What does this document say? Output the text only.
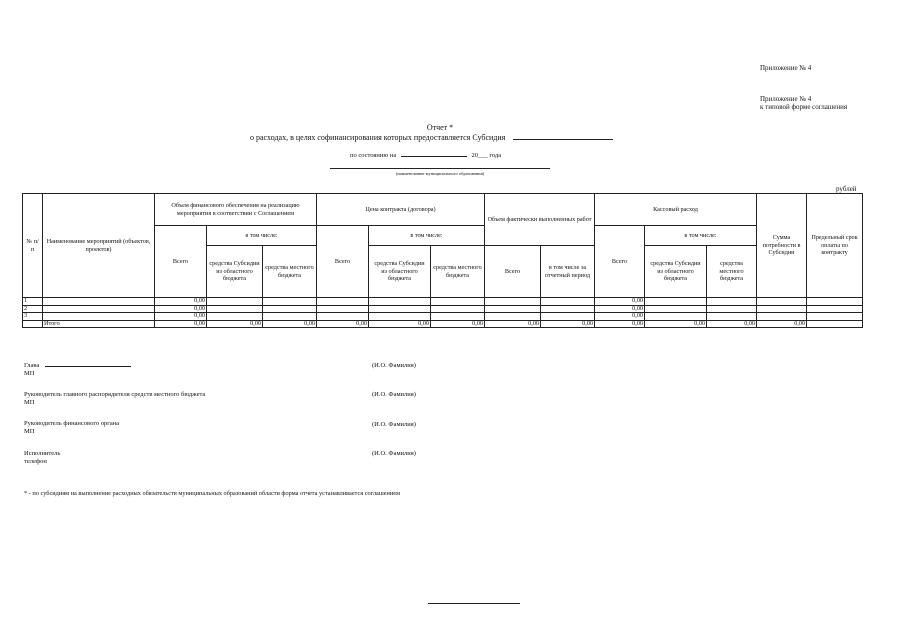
Приложение № 4
Приложение № 4
к типовой форме соглашения
Отчет *
о расходах, в целях софинансирования которых предоставляется Субсидия
по состоянию на	20___ года
(наименование муниципального образования)
рублей
№ п/п	Наименование мероприятий (объектов, проектов)	Объем финансового обеспечения на реализацию мероприятия в соответствии с Соглашением			Цена контракта (договора)			Объем фактически выполненных работ		Кассовый расход			Сумма потребности в Субсидии	Предельный срок оплаты по контракту
		Всего	в том числе:		Всего	в том числе:				Всего	в том числе:			
			средства Субсидии из областного бюджета	средства местного бюджета		средства Субсидии из областного бюджета	средства местного бюджета	Всего	в том числе за отчетный период		средства Субсидии из областного бюджета	средства местного бюджета		
1		0,00								0,00				
2		0,00								0,00				
3		0,00								0,00				
	Итого	0,00	0,00	0,00	0,00	0,00	0,00	0,00	0,00	0,00	0,00	0,00	0,00	
Глава
МП
(И.О. Фамилия)
Руководитель главного распорядителя средств местного бюджета
МП
(И.О. Фамилия)
Руководитель финансового органа
МП
(И.О. Фамилия)
Исполнитель
телефон
(И.О. Фамилия)
* - по субсидиям на выполнение расходных обязательств муниципальных образований области форма отчета устанавливается соглашением
